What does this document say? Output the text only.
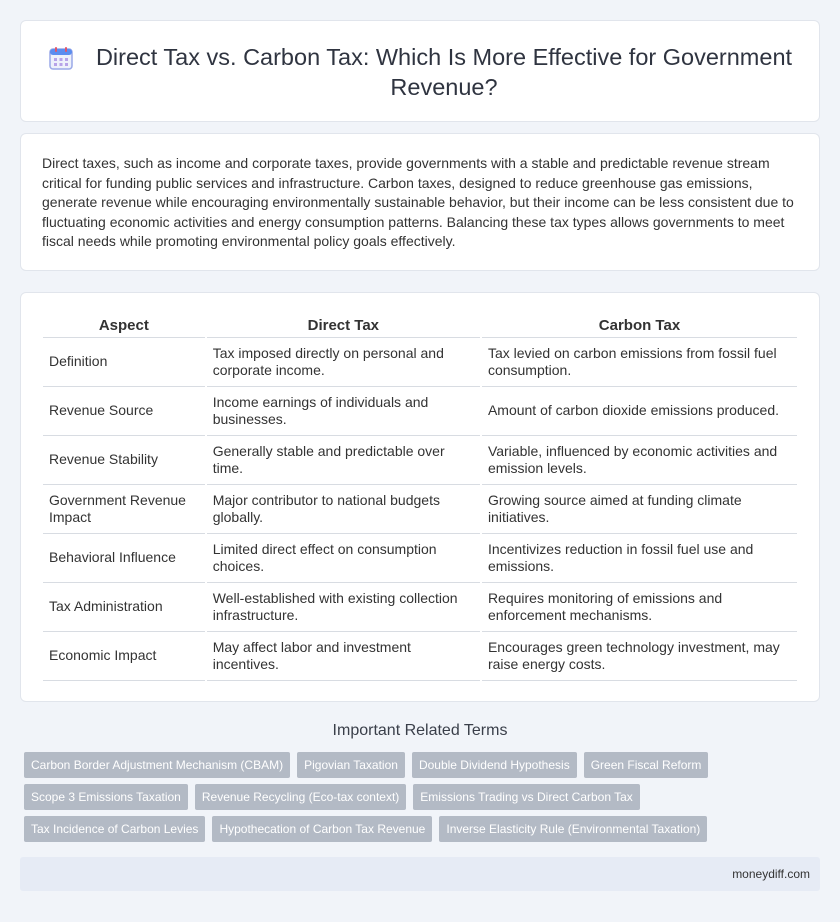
Direct Tax vs. Carbon Tax: Which Is More Effective for Government Revenue?

Direct taxes, such as income and corporate taxes, provide governments with a stable and predictable revenue stream critical for funding public services and infrastructure. Carbon taxes, designed to reduce greenhouse gas emissions, generate revenue while encouraging environmentally sustainable behavior, but their income can be less consistent due to fluctuating economic activities and energy consumption patterns. Balancing these tax types allows governments to meet fiscal needs while promoting environmental policy goals effectively.

Aspect	Direct Tax	Carbon Tax
Definition	Tax imposed directly on personal and corporate income.	Tax levied on carbon emissions from fossil fuel consumption.
Revenue Source	Income earnings of individuals and businesses.	Amount of carbon dioxide emissions produced.
Revenue Stability	Generally stable and predictable over time.	Variable, influenced by economic activities and emission levels.
Government Revenue Impact	Major contributor to national budgets globally.	Growing source aimed at funding climate initiatives.
Behavioral Influence	Limited direct effect on consumption choices.	Incentivizes reduction in fossil fuel use and emissions.
Tax Administration	Well-established with existing collection infrastructure.	Requires monitoring of emissions and enforcement mechanisms.
Economic Impact	May affect labor and investment incentives.	Encourages green technology investment, may raise energy costs.
Important Related Terms
Carbon Border Adjustment Mechanism (CBAM)	Pigovian Taxation	Double Dividend Hypothesis	Green Fiscal Reform
Scope 3 Emissions Taxation	Revenue Recycling (Eco-tax context)	Emissions Trading vs Direct Carbon Tax
Tax Incidence of Carbon Levies	Hypothecation of Carbon Tax Revenue	Inverse Elasticity Rule (Environmental Taxation)
moneydiff.com
